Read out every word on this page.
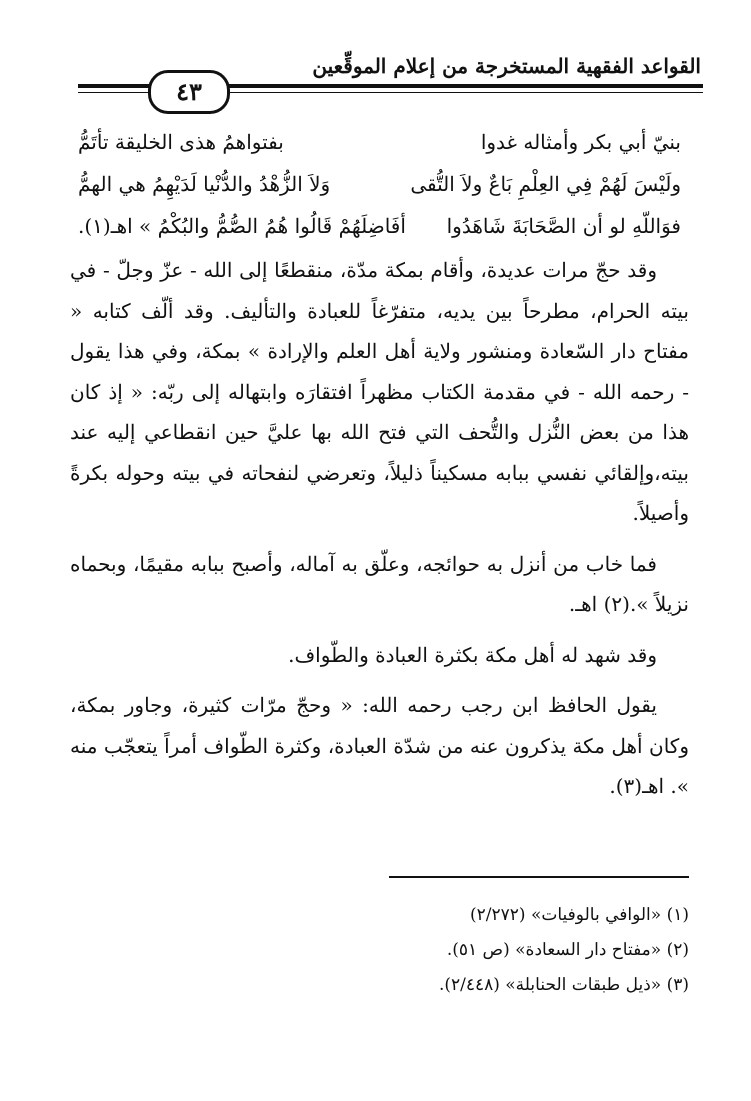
القواعد الفقهية المستخرجة من إعلام الموقِّعين
٤٣
بنيّ أبي بكر وأمثاله غدوا
بفتواهمُ هذى الخليقة تأتَمُّ
ولَيْسَ لَهُمْ فِي العِلْمِ بَاعٌ ولاَ التُّقى
وَلاَ الزُّهْدُ والدُّنْيا لَدَيْهِمُ هي الهمُّ
فوَاللّهِ لو أن الصَّحَابَةَ شَاهَدُوا
أفَاضِلَهُمْ قَالُوا هُمُ الصُّمُّ والبُكْمُ » اهـ(١).

وقد حجّ مرات عديدة، وأقام بمكة مدّة، منقطعًا إلى الله - عزّ وجلّ - في بيته الحرام، مطرحاً بين يديه، متفرّغاً للعبادة والتأليف. وقد ألّف كتابه « مفتاح دار السّعادة ومنشور ولاية أهل العلم والإرادة » بمكة، وفي هذا يقول - رحمه الله - في مقدمة الكتاب مظهراً افتقارَه وابتهاله إلى ربّه: « إذ كان هذا من بعض النُّزل والتُّحف التي فتح الله بها عليَّ حين انقطاعي إليه عند بيته،وإلقائي نفسي ببابه مسكيناً ذليلاً، وتعرضي لنفحاته في بيته وحوله بكرةً وأصيلاً.

فما خاب من أنزل به حوائجه، وعلّق به آماله، وأصبح ببابه مقيمًا، وبحماه نزيلاً ».(٢) اهـ.

وقد شهد له أهل مكة بكثرة العبادة والطّواف.

يقول الحافظ ابن رجب رحمه الله: « وحجّ مرّات كثيرة، وجاور بمكة، وكان أهل مكة يذكرون عنه من شدّة العبادة، وكثرة الطّواف أمراً يتعجّب منه ». اهـ(٣).

(١) «الوافي بالوفيات» (٢/٢٧٢)
(٢) «مفتاح دار السعادة» (ص ٥١).
(٣) «ذيل طبقات الحنابلة» (٢/٤٤٨).
